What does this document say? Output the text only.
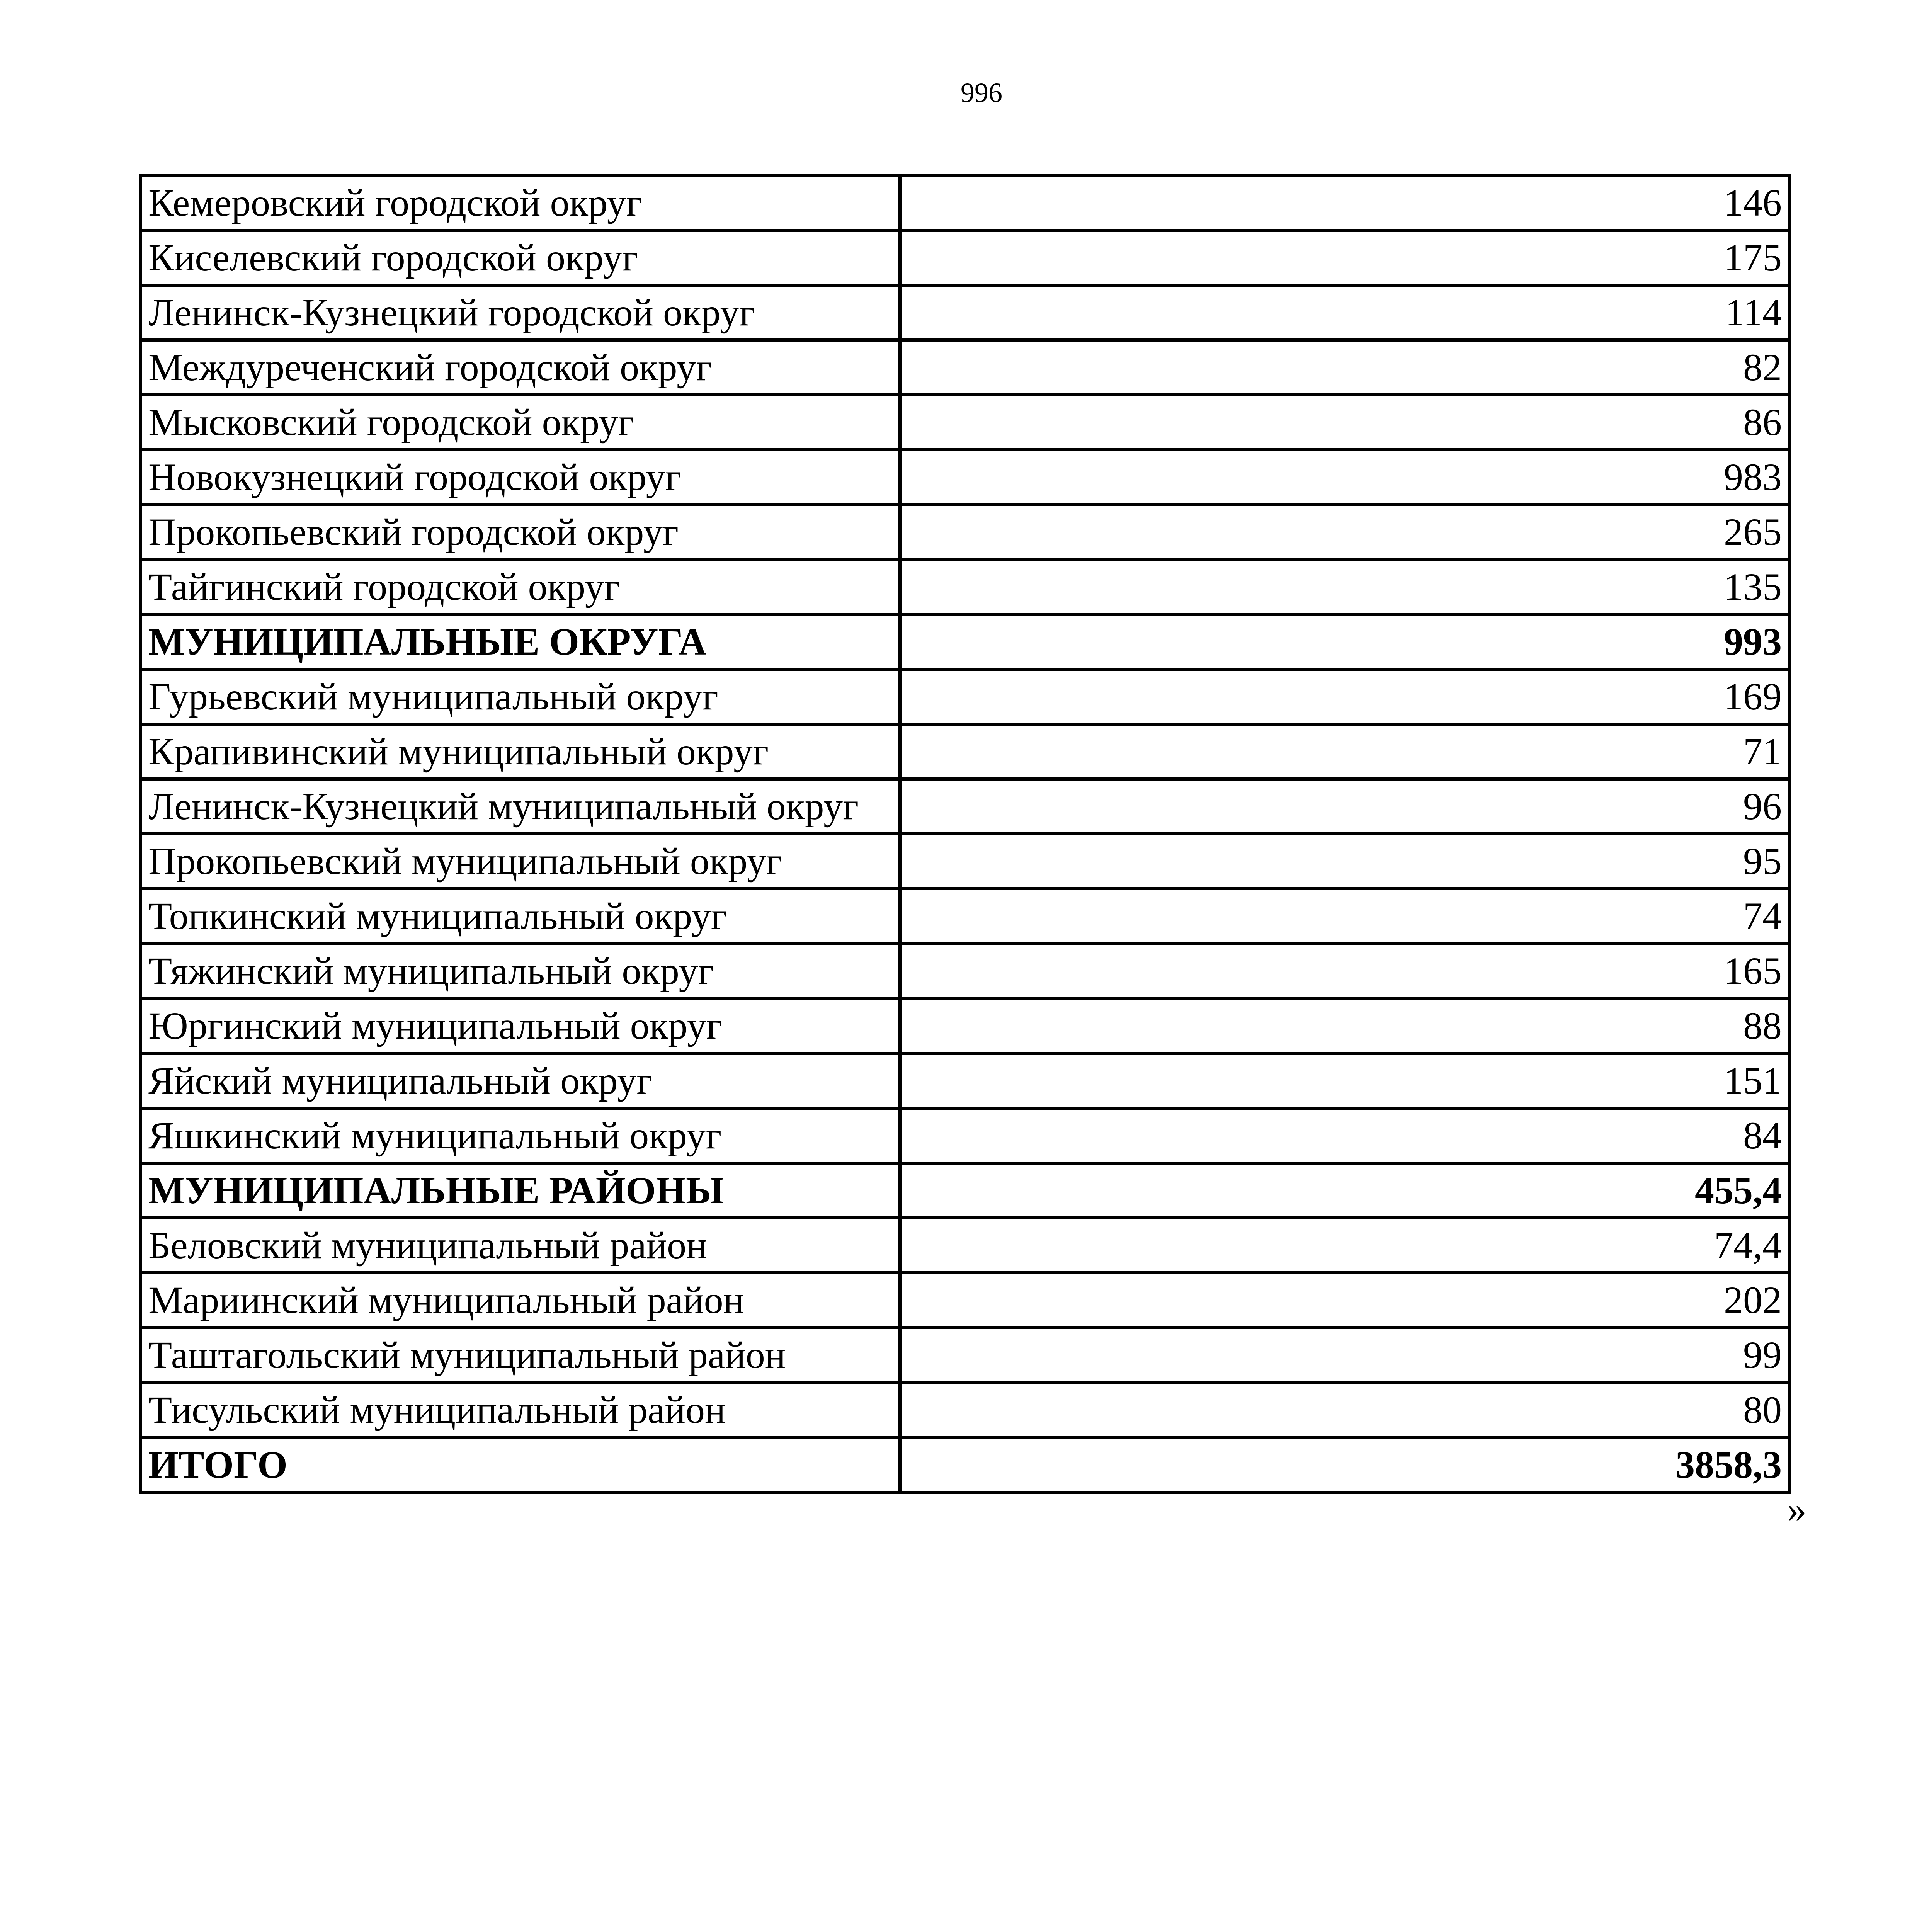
996
Кемеровский городской округ	146
Киселевский городской округ	175
Ленинск-Кузнецкий городской округ	114
Междуреченский городской округ	82
Мысковский городской округ	86
Новокузнецкий городской округ	983
Прокопьевский городской округ	265
Тайгинский городской округ	135
МУНИЦИПАЛЬНЫЕ ОКРУГА	993
Гурьевский муниципальный округ	169
Крапивинский муниципальный округ	71
Ленинск-Кузнецкий муниципальный округ	96
Прокопьевский муниципальный округ	95
Топкинский муниципальный округ	74
Тяжинский муниципальный округ	165
Юргинский муниципальный округ	88
Яйский муниципальный округ	151
Яшкинский муниципальный округ	84
МУНИЦИПАЛЬНЫЕ РАЙОНЫ	455,4
Беловский муниципальный район	74,4
Мариинский муниципальный район	202
Таштагольский муниципальный район	99
Тисульский муниципальный район	80
ИТОГО	3858,3
»
